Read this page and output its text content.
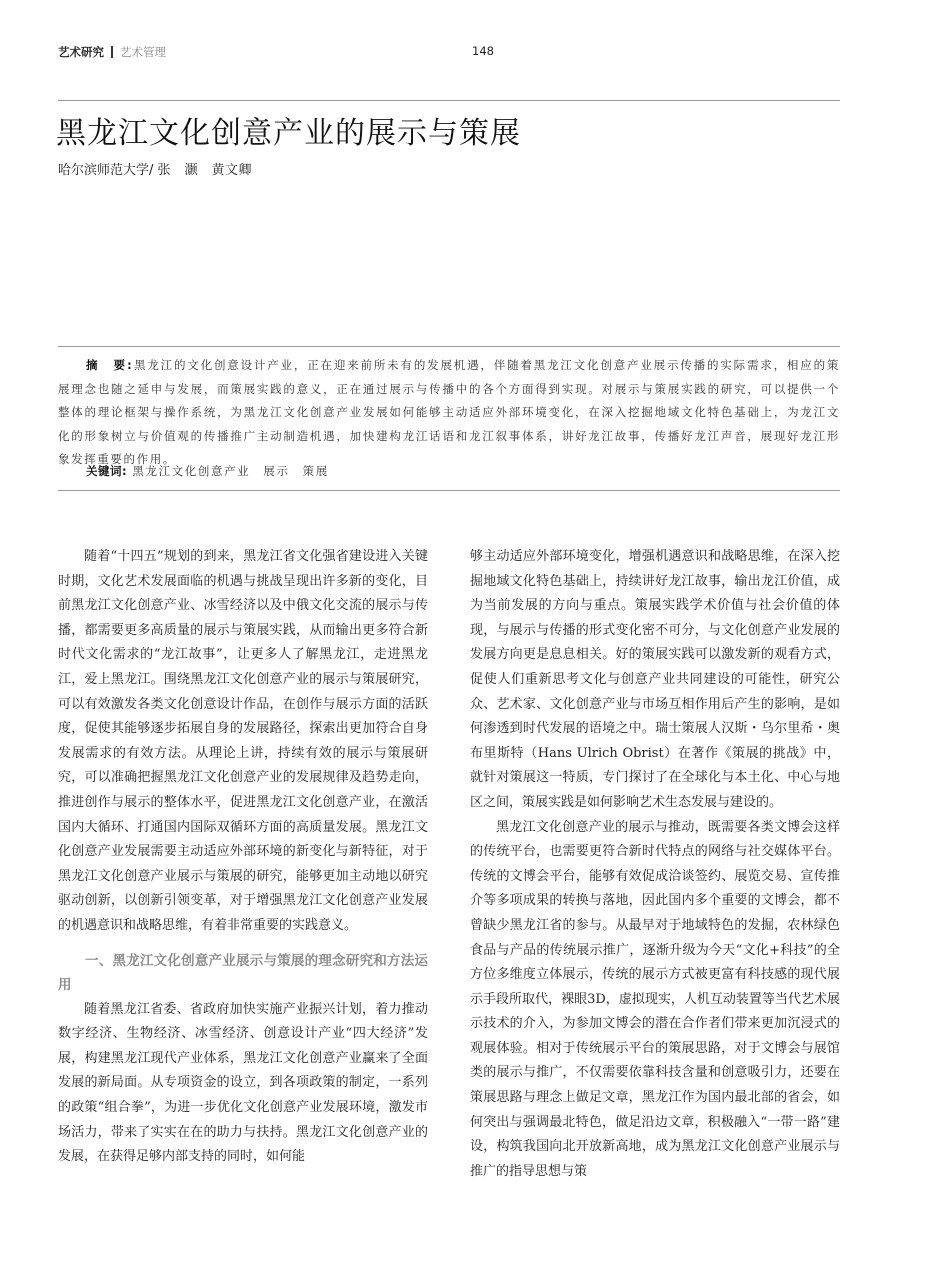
艺术研究 艺术管理	148
黑龙江文化创意产业的展示与策展
哈尔滨师范大学/ 张　灏　黄文卿
摘　要:黑龙江的文化创意设计产业，正在迎来前所未有的发展机遇，伴随着黑龙江文化创意产业展示传播的实际需求，相应的策展理念也随之延申与发展，而策展实践的意义，正在通过展示与传播中的各个方面得到实现。对展示与策展实践的研究，可以提供一个整体的理论框架与操作系统，为黑龙江文化创意产业发展如何能够主动适应外部环境变化，在深入挖掘地域文化特色基础上，为龙江文化的形象树立与价值观的传播推广主动制造机遇，加快建构龙江话语和龙江叙事体系，讲好龙江故事，传播好龙江声音，展现好龙江形象发挥重要的作用。
关键词: 黑龙江文化创意产业　展示　策展

随着“十四五”规划的到来，黑龙江省文化强省建设进入关键时期，文化艺术发展面临的机遇与挑战呈现出许多新的变化，目前黑龙江文化创意产业、冰雪经济以及中俄文化交流的展示与传播，都需要更多高质量的展示与策展实践，从而输出更多符合新时代文化需求的“龙江故事”，让更多人了解黑龙江，走进黑龙江，爱上黑龙江。围绕黑龙江文化创意产业的展示与策展研究，可以有效激发各类文化创意设计作品，在创作与展示方面的活跃度，促使其能够逐步拓展自身的发展路径，探索出更加符合自身发展需求的有效方法。从理论上讲，持续有效的展示与策展研究，可以准确把握黑龙江文化创意产业的发展规律及趋势走向，推进创作与展示的整体水平，促进黑龙江文化创意产业，在激活国内大循环、打通国内国际双循环方面的高质量发展。黑龙江文化创意产业发展需要主动适应外部环境的新变化与新特征，对于黑龙江文化创意产业展示与策展的研究，能够更加主动地以研究驱动创新，以创新引领变革，对于增强黑龙江文化创意产业发展的机遇意识和战略思维，有着非常重要的实践意义。

一、黑龙江文化创意产业展示与策展的理念研究和方法运用

随着黑龙江省委、省政府加快实施产业振兴计划，着力推动数字经济、生物经济、冰雪经济、创意设计产业“四大经济”发展，构建黑龙江现代产业体系，黑龙江文化创意产业赢来了全面发展的新局面。从专项资金的设立，到各项政策的制定，一系列的政策“组合拳”，为进一步优化文化创意产业发展环境，激发市场活力，带来了实实在在的助力与扶持。黑龙江文化创意产业的发展，在获得足够内部支持的同时，如何能

够主动适应外部环境变化，增强机遇意识和战略思维，在深入挖掘地域文化特色基础上，持续讲好龙江故事，输出龙江价值，成为当前发展的方向与重点。策展实践学术价值与社会价值的体现，与展示与传播的形式变化密不可分，与文化创意产业发展的发展方向更是息息相关。好的策展实践可以激发新的观看方式，促使人们重新思考文化与创意产业共同建设的可能性，研究公众、艺术家、文化创意产业与市场互相作用后产生的影响，是如何渗透到时代发展的语境之中。瑞士策展人汉斯・乌尔里希・奥布里斯特（Hans Ulrich Obrist）在著作《策展的挑战》中，就针对策展这一特质，专门探讨了在全球化与本土化、中心与地区之间，策展实践是如何影响艺术生态发展与建设的。

黑龙江文化创意产业的展示与推动，既需要各类文博会这样的传统平台，也需要更符合新时代特点的网络与社交媒体平台。传统的文博会平台，能够有效促成洽谈签约、展览交易、宣传推介等多项成果的转换与落地，因此国内多个重要的文博会，都不曾缺少黑龙江省的参与。从最早对于地域特色的发掘，农林绿色食品与产品的传统展示推广，逐渐升级为今天“文化+科技”的全方位多维度立体展示，传统的展示方式被更富有科技感的现代展示手段所取代，裸眼3D，虚拟现实，人机互动装置等当代艺术展示技术的介入，为参加文博会的潜在合作者们带来更加沉浸式的观展体验。相对于传统展示平台的策展思路，对于文博会与展馆类的展示与推广，不仅需要依靠科技含量和创意吸引力，还要在策展思路与理念上做足文章，黑龙江作为国内最北部的省会，如何突出与强调最北特色，做足沿边文章，积极融入“一带一路”建设，构筑我国向北开放新高地，成为黑龙江文化创意产业展示与推广的指导思想与策
